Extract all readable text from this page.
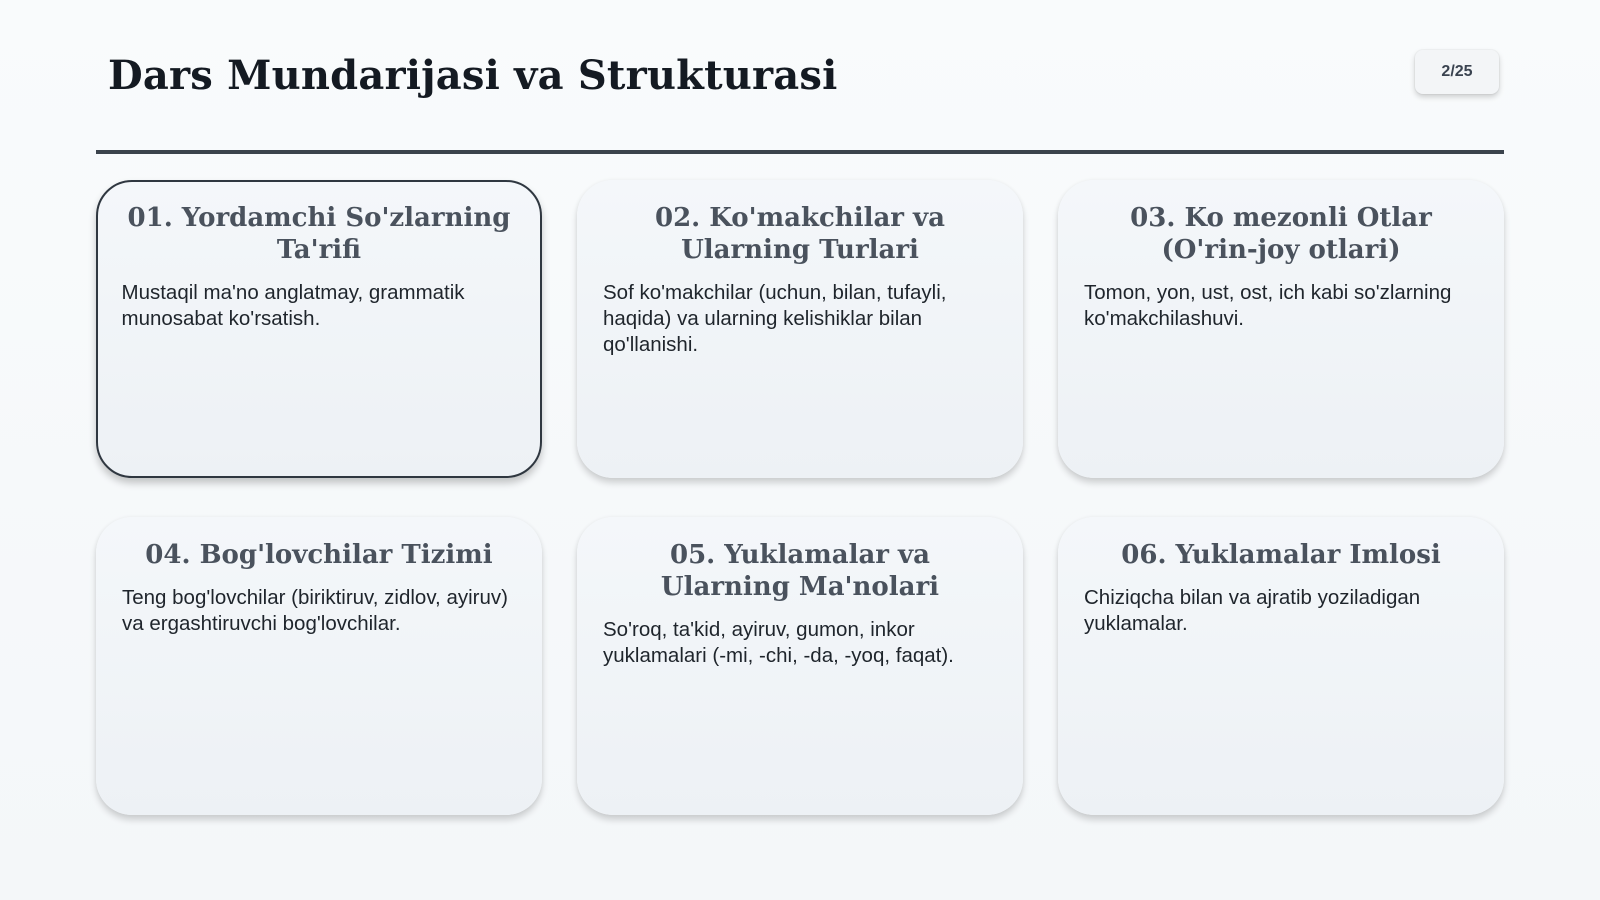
Dars Mundarijasi va Strukturasi	2/25
01. Yordamchi So'zlarning Ta'rifi
Mustaqil ma'no anglatmay, grammatik munosabat ko'rsatish.
02. Ko'makchilar va Ularning Turlari
Sof ko'makchilar (uchun, bilan, tufayli, haqida) va ularning kelishiklar bilan qo'llanishi.
03. Ko mezonli Otlar (O'rin-joy otlari)
Tomon, yon, ust, ost, ich kabi so'zlarning ko'makchilashuvi.
04. Bog'lovchilar Tizimi
Teng bog'lovchilar (biriktiruv, zidlov, ayiruv) va ergashtiruvchi bog'lovchilar.
05. Yuklamalar va Ularning Ma'nolari
So'roq, ta'kid, ayiruv, gumon, inkor yuklamalari (-mi, -chi, -da, -yoq, faqat).
06. Yuklamalar Imlosi
Chiziqcha bilan va ajratib yoziladigan yuklamalar.
